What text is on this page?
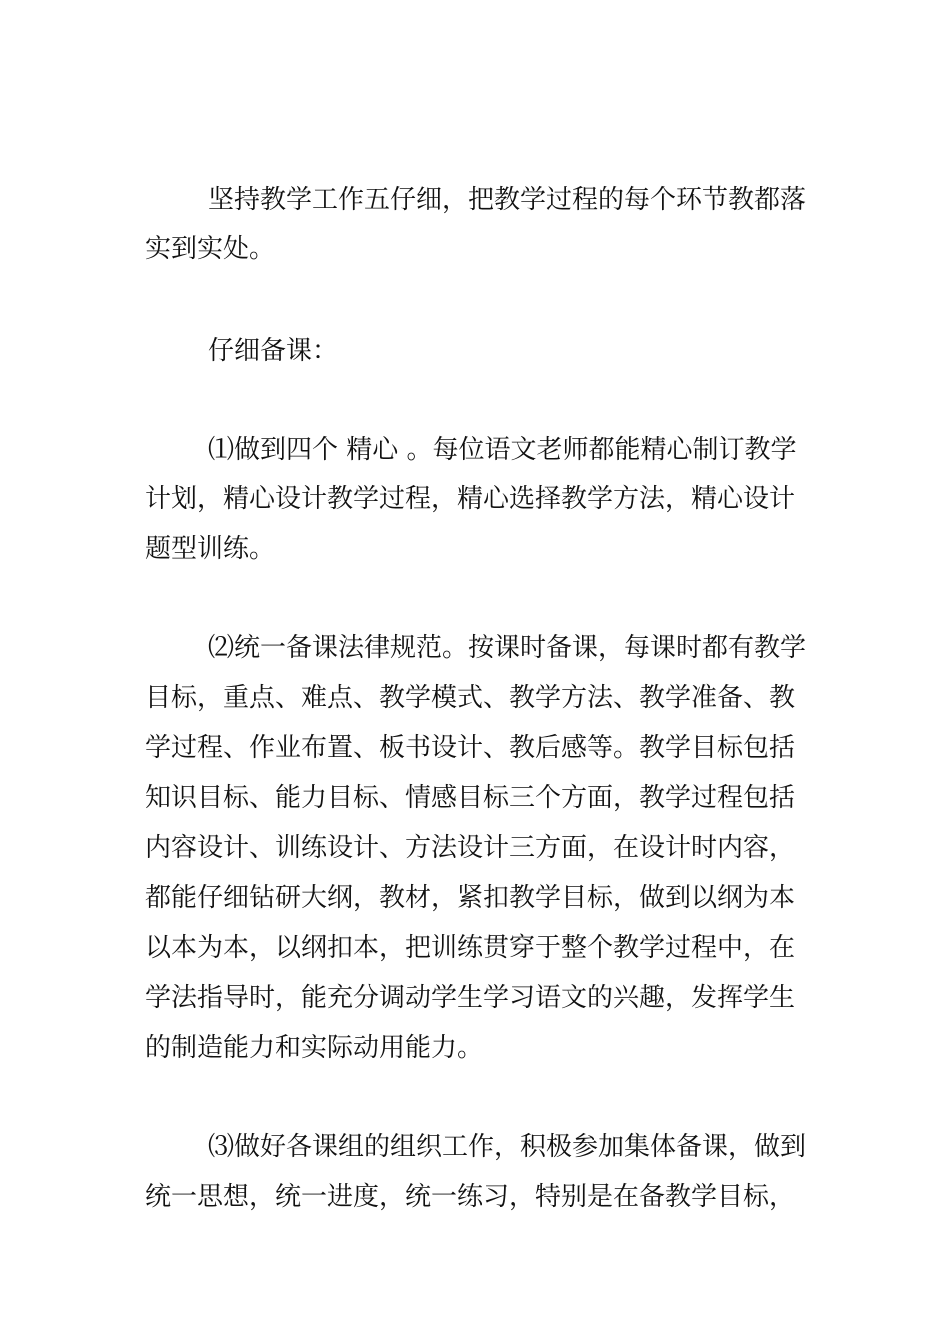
坚持教学工作五仔细，把教学过程的每个环节教都落
实到实处。
仔细备课：
⑴做到四个 精心 。每位语文老师都能精心制订教学
计划，精心设计教学过程，精心选择教学方法，精心设计
题型训练。
⑵统一备课法律规范。按课时备课，每课时都有教学
目标，重点、难点、教学模式、教学方法、教学准备、教
学过程、作业布置、板书设计、教后感等。教学目标包括
知识目标、能力目标、情感目标三个方面，教学过程包括
内容设计、训练设计、方法设计三方面，在设计时内容，
都能仔细钻研大纲，教材，紧扣教学目标，做到以纲为本
以本为本，以纲扣本，把训练贯穿于整个教学过程中，在
学法指导时，能充分调动学生学习语文的兴趣，发挥学生
的制造能力和实际动用能力。
⑶做好各课组的组织工作，积极参加集体备课，做到
统一思想，统一进度，统一练习，特别是在备教学目标，
